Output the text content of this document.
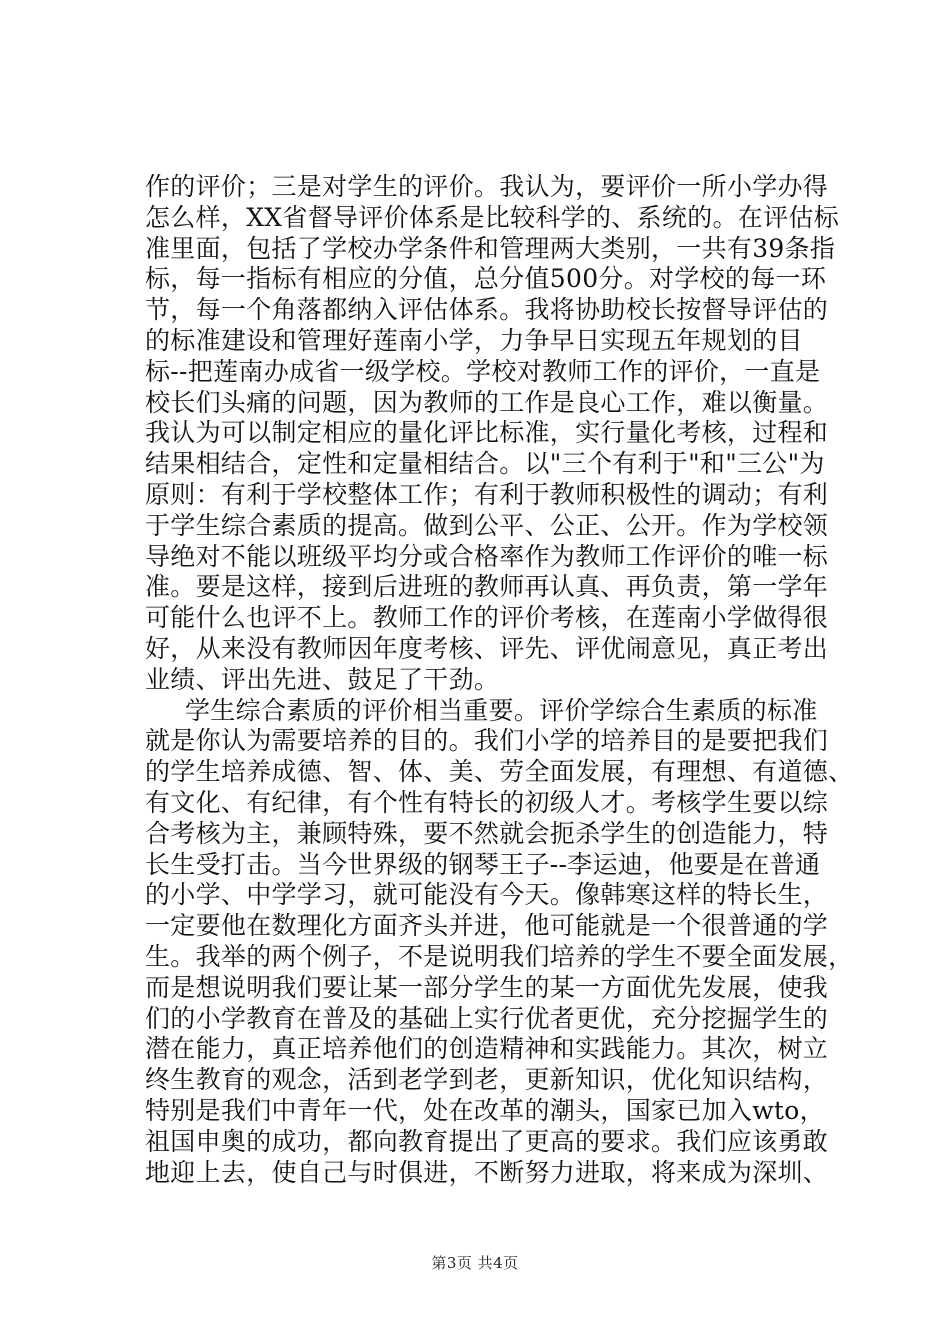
作的评价；三是对学生的评价。我认为，要评价一所小学办得
怎么样，XX省督导评价体系是比较科学的、系统的。在评估标
准里面，包括了学校办学条件和管理两大类别，一共有39条指
标，每一指标有相应的分值，总分值500分。对学校的每一环
节，每一个角落都纳入评估体系。我将协助校长按督导评估的
的标准建设和管理好莲南小学，力争早日实现五年规划的目
标--把莲南办成省一级学校。学校对教师工作的评价，一直是
校长们头痛的问题，因为教师的工作是良心工作，难以衡量。
我认为可以制定相应的量化评比标准，实行量化考核，过程和
结果相结合，定性和定量相结合。以"三个有利于"和"三公"为
原则：有利于学校整体工作；有利于教师积极性的调动；有利
于学生综合素质的提高。做到公平、公正、公开。作为学校领
导绝对不能以班级平均分或合格率作为教师工作评价的唯一标
准。要是这样，接到后进班的教师再认真、再负责，第一学年
可能什么也评不上。教师工作的评价考核，在莲南小学做得很
好，从来没有教师因年度考核、评先、评优闹意见，真正考出
业绩、评出先进、鼓足了干劲。
学生综合素质的评价相当重要。评价学综合生素质的标准
就是你认为需要培养的目的。我们小学的培养目的是要把我们
的学生培养成德、智、体、美、劳全面发展，有理想、有道德、
有文化、有纪律，有个性有特长的初级人才。考核学生要以综
合考核为主，兼顾特殊，要不然就会扼杀学生的创造能力，特
长生受打击。当今世界级的钢琴王子--李运迪，他要是在普通
的小学、中学学习，就可能没有今天。像韩寒这样的特长生，
一定要他在数理化方面齐头并进，他可能就是一个很普通的学
生。我举的两个例子，不是说明我们培养的学生不要全面发展，
而是想说明我们要让某一部分学生的某一方面优先发展，使我
们的小学教育在普及的基础上实行优者更优，充分挖掘学生的
潜在能力，真正培养他们的创造精神和实践能力。其次，树立
终生教育的观念，活到老学到老，更新知识，优化知识结构，
特别是我们中青年一代，处在改革的潮头，国家已加入wto，
祖国申奥的成功，都向教育提出了更高的要求。我们应该勇敢
地迎上去，使自己与时俱进，不断努力进取，将来成为深圳、
第3页 共4页
